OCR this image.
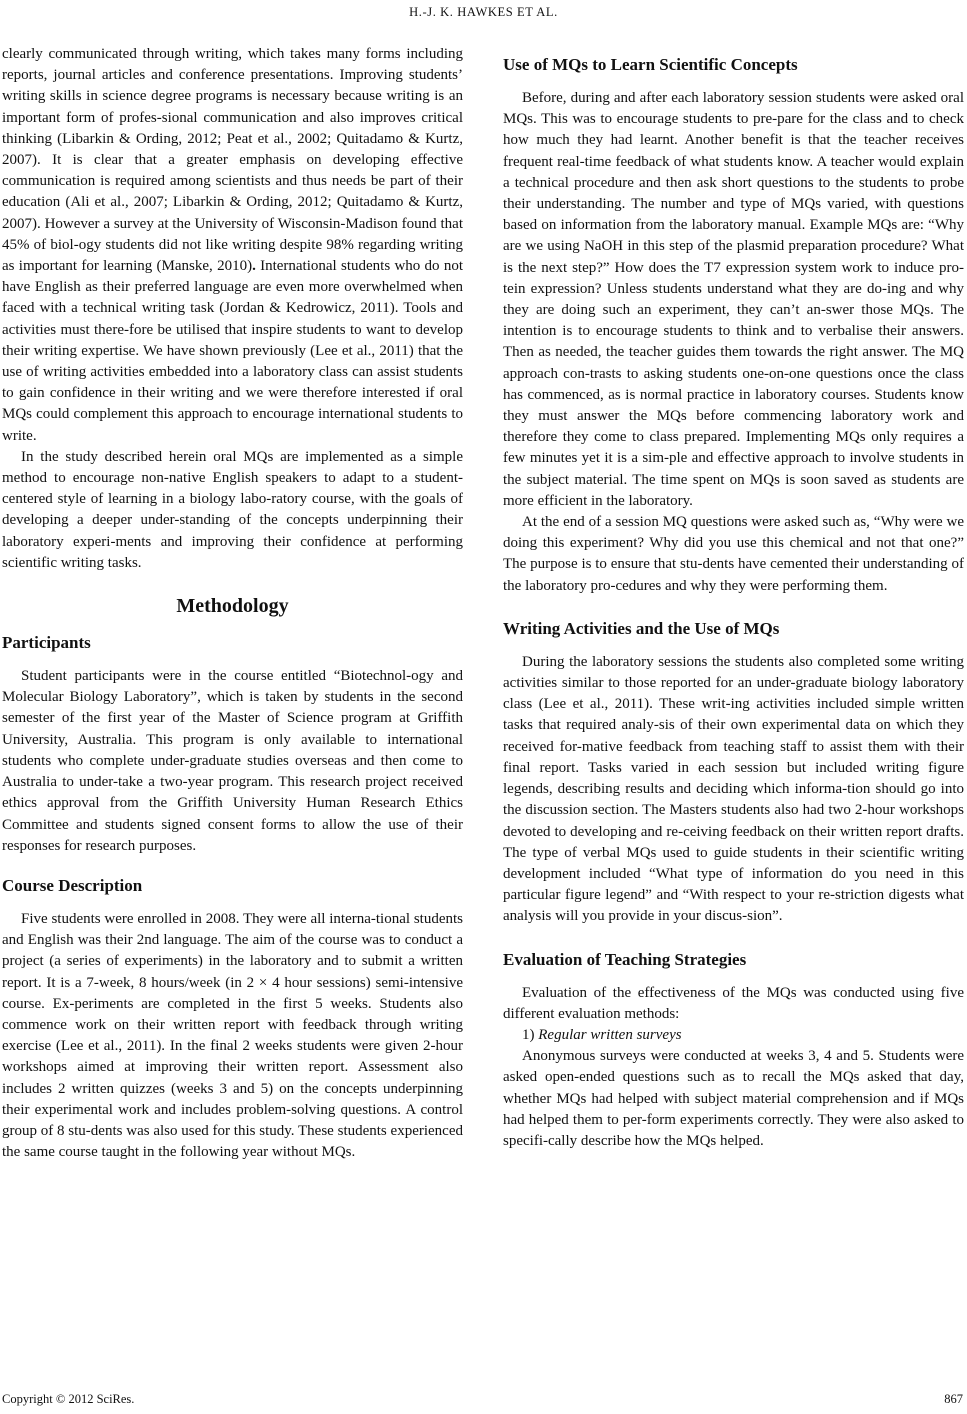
H.-J. K. HAWKES ET AL.

clearly communicated through writing, which takes many forms including reports, journal articles and conference presentations. Improving students’ writing skills in science degree programs is necessary because writing is an important form of profes-sional communication and also improves critical thinking (Libarkin & Ording, 2012; Peat et al., 2002; Quitadamo & Kurtz, 2007). It is clear that a greater emphasis on developing effective communication is required among scientists and thus needs be part of their education (Ali et al., 2007; Libarkin & Ording, 2012; Quitadamo & Kurtz, 2007). However a survey at the University of Wisconsin-Madison found that 45% of biol-ogy students did not like writing despite 98% regarding writing as important for learning (Manske, 2010). International students who do not have English as their preferred language are even more overwhelmed when faced with a technical writing task (Jordan & Kedrowicz, 2011). Tools and activities must there-fore be utilised that inspire students to want to develop their writing expertise. We have shown previously (Lee et al., 2011) that the use of writing activities embedded into a laboratory class can assist students to gain confidence in their writing and we were therefore interested if oral MQs could complement this approach to encourage international students to write.

In the study described herein oral MQs are implemented as a simple method to encourage non-native English speakers to adapt to a student-centered style of learning in a biology labo-ratory course, with the goals of developing a deeper under-standing of the concepts underpinning their laboratory experi-ments and improving their confidence at performing scientific writing tasks.

Methodology
Participants

Student participants were in the course entitled “Biotechnol-ogy and Molecular Biology Laboratory”, which is taken by students in the second semester of the first year of the Master of Science program at Griffith University, Australia. This program is only available to international students who complete under-graduate studies overseas and then come to Australia to under-take a two-year program. This research project received ethics approval from the Griffith University Human Research Ethics Committee and students signed consent forms to allow the use of their responses for research purposes.

Course Description

Five students were enrolled in 2008. They were all interna-tional students and English was their 2nd language. The aim of the course was to conduct a project (a series of experiments) in the laboratory and to submit a written report. It is a 7-week, 8 hours/week (in 2 × 4 hour sessions) semi-intensive course. Ex-periments are completed in the first 5 weeks. Students also commence work on their written report with feedback through writing exercise (Lee et al., 2011). In the final 2 weeks students were given 2-hour workshops aimed at improving their written report. Assessment also includes 2 written quizzes (weeks 3 and 5) on the concepts underpinning their experimental work and includes problem-solving questions. A control group of 8 stu-dents was also used for this study. These students experienced the same course taught in the following year without MQs.

Use of MQs to Learn Scientific Concepts

Before, during and after each laboratory session students were asked oral MQs. This was to encourage students to pre-pare for the class and to check how much they had learnt. Another benefit is that the teacher receives frequent real-time feedback of what students know. A teacher would explain a technical procedure and then ask short questions to the students to probe their understanding. The number and type of MQs varied, with questions based on information from the laboratory manual. Example MQs are: “Why are we using NaOH in this step of the plasmid preparation procedure? What is the next step?” How does the T7 expression system work to induce pro-tein expression? Unless students understand what they are do-ing and why they are doing such an experiment, they can’t an-swer those MQs. The intention is to encourage students to think and to verbalise their answers. Then as needed, the teacher guides them towards the right answer. The MQ approach con-trasts to asking students one-on-one questions once the class has commenced, as is normal practice in laboratory courses. Students know they must answer the MQs before commencing laboratory work and therefore they come to class prepared. Implementing MQs only requires a few minutes yet it is a sim-ple and effective approach to involve students in the subject material. The time spent on MQs is soon saved as students are more efficient in the laboratory.

At the end of a session MQ questions were asked such as, “Why were we doing this experiment? Why did you use this chemical and not that one?” The purpose is to ensure that stu-dents have cemented their understanding of the laboratory pro-cedures and why they were performing them.

Writing Activities and the Use of MQs

During the laboratory sessions the students also completed some writing activities similar to those reported for an under-graduate biology laboratory class (Lee et al., 2011). These writ-ing activities included simple written tasks that required analy-sis of their own experimental data on which they received for-mative feedback from teaching staff to assist them with their final report. Tasks varied in each session but included writing figure legends, describing results and deciding which informa-tion should go into the discussion section. The Masters students also had two 2-hour workshops devoted to developing and re-ceiving feedback on their written report drafts. The type of verbal MQs used to guide students in their scientific writing development included “What type of information do you need in this particular figure legend” and “With respect to your re-striction digests what analysis will you provide in your discus-sion”.

Evaluation of Teaching Strategies

Evaluation of the effectiveness of the MQs was conducted using five different evaluation methods:

1) Regular written surveys

Anonymous surveys were conducted at weeks 3, 4 and 5. Students were asked open-ended questions such as to recall the MQs asked that day, whether MQs had helped with subject material comprehension and if MQs had helped them to per-form experiments correctly. They were also asked to specifi-cally describe how the MQs helped.

Copyright © 2012 SciRes.	867
